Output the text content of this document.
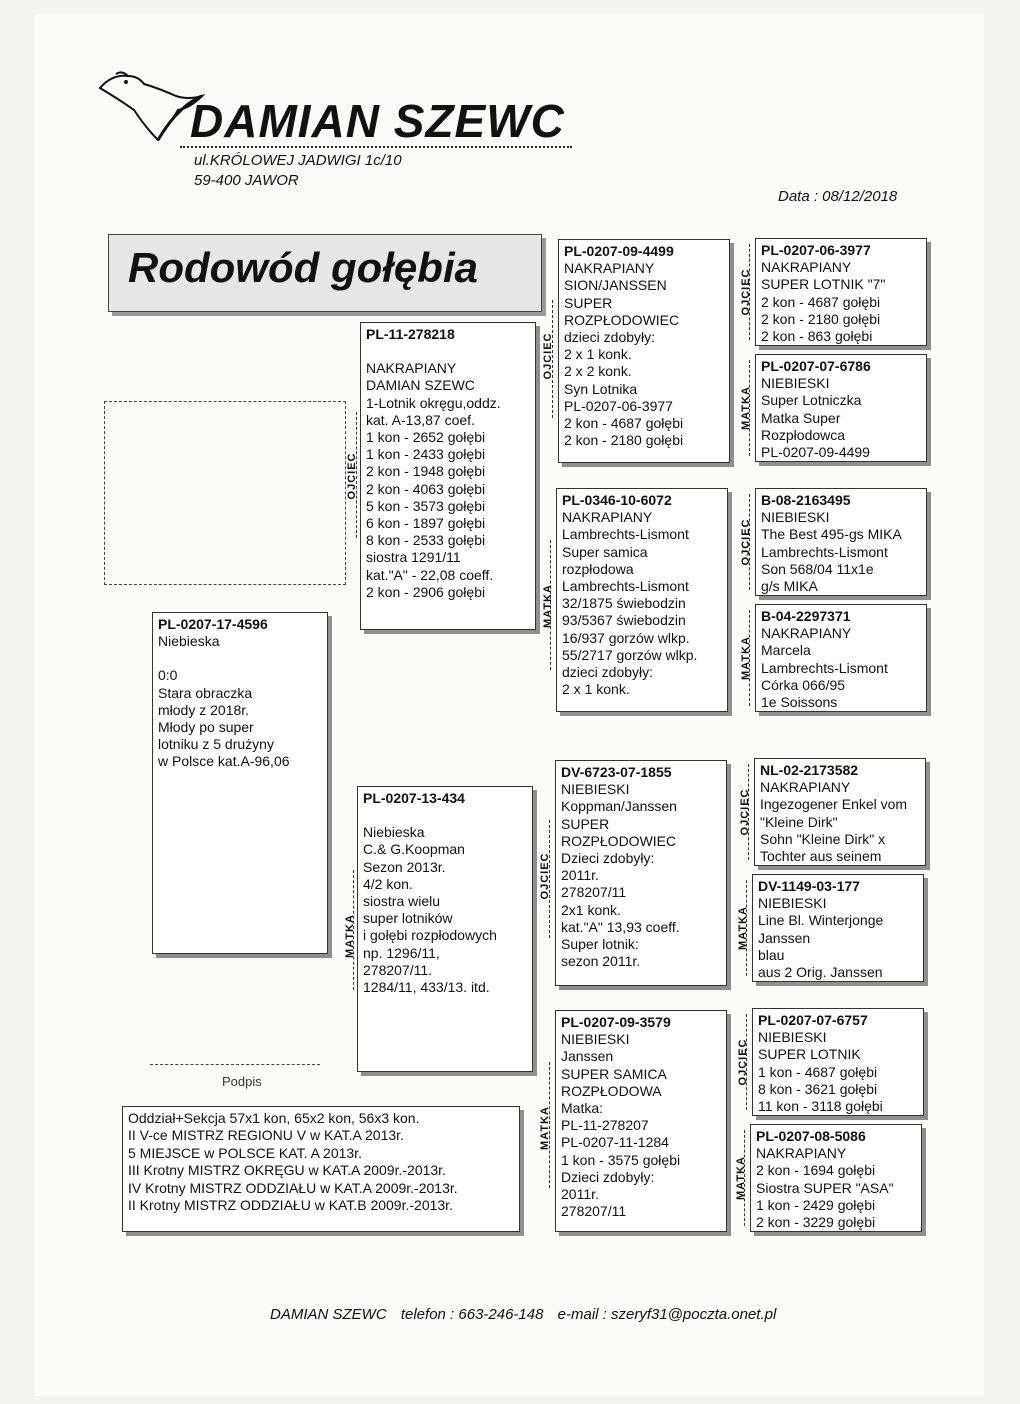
DAMIAN SZEWC
ul.KRÓLOWEJ JADWIGI 1c/10
59-400 JAWOR
Data : 08/12/2018
Rodowód gołębia
PL-0207-17-4596
Niebieska
0:0
Stara obraczka
młody z 2018r.
Młody po super
lotniku z 5 drużyny
w Polsce kat.A-96,06
PL-11-278218
NAKRAPIANY
DAMIAN SZEWC
1-Lotnik okręgu,oddz.
kat. A-13,87 coef.
1 kon - 2652 gołębi
1 kon - 2433 gołębi
2 kon - 1948 gołębi
2 kon - 4063 gołębi
5 kon - 3573 gołębi
6 kon - 1897 gołębi
8 kon - 2533 gołębi
siostra 1291/11
kat."A" - 22,08 coeff.
2 kon - 2906 gołębi
OJCIEC
PL-0207-13-434
Niebieska
C.& G.Koopman
Sezon 2013r.
4/2 kon.
siostra wielu
super lotników
i gołębi rozpłodowych
np. 1296/11,
278207/11.
1284/11, 433/13. itd.
MATKA
PL-0207-09-4499
NAKRAPIANY
SION/JANSSEN
SUPER
ROZPŁODOWIEC
dzieci zdobyły:
2 x 1 konk.
2 x 2 konk.
Syn Lotnika
PL-0207-06-3977
2 kon - 4687 gołębi
2 kon - 2180 gołębi
OJCIEC
PL-0346-10-6072
NAKRAPIANY
Lambrechts-Lismont
Super samica
rozpłodowa
Lambrechts-Lismont
32/1875 świebodzin
93/5367 świebodzin
16/937 gorzów wlkp.
55/2717 gorzów wlkp.
dzieci zdobyły:
2 x 1 konk.
MATKA
DV-6723-07-1855
NIEBIESKI
Koppman/Janssen
SUPER
ROZPŁODOWIEC
Dzieci zdobyły:
2011r.
278207/11
2x1 konk.
kat."A" 13,93 coeff.
Super lotnik:
sezon 2011r.
OJCIEC
PL-0207-09-3579
NIEBIESKI
Janssen
SUPER SAMICA
ROZPŁODOWA
Matka:
PL-11-278207
PL-0207-11-1284
1 kon - 3575 gołębi
Dzieci zdobyły:
2011r.
278207/11
MATKA
PL-0207-06-3977
NAKRAPIANY
SUPER LOTNIK "7"
2 kon - 4687 gołębi
2 kon - 2180 gołębi
2 kon - 863 gołębi
OJCIEC
PL-0207-07-6786
NIEBIESKI
Super Lotniczka
Matka Super
Rozpłodowca
PL-0207-09-4499
MATKA
B-08-2163495
NIEBIESKI
The Best 495-gs MIKA
Lambrechts-Lismont
Son 568/04 11x1e
g/s MIKA
OJCIEC
B-04-2297371
NAKRAPIANY
Marcela
Lambrechts-Lismont
Córka 066/95
1e Soissons
MATKA
NL-02-2173582
NAKRAPIANY
Ingezogener Enkel vom
"Kleine Dirk"
Sohn "Kleine Dirk" x
Tochter aus seinem
OJCIEC
DV-1149-03-177
NIEBIESKI
Line Bl. Winterjonge
Janssen
blau
aus 2 Orig. Janssen
MATKA
PL-0207-07-6757
NIEBIESKI
SUPER LOTNIK
1 kon - 4687 gołębi
8 kon - 3621 gołębi
11 kon - 3118 gołębi
OJCIEC
PL-0207-08-5086
NAKRAPIANY
2 kon - 1694 gołębi
Siostra SUPER "ASA"
1 kon - 2429 gołębi
2 kon - 3229 gołębi
MATKA
Podpis
Oddział+Sekcja 57x1 kon, 65x2 kon, 56x3 kon.
II V-ce MISTRZ REGIONU V w KAT.A 2013r.
5 MIEJSCE w POLSCE KAT. A 2013r.
III Krotny MISTRZ OKRĘGU w KAT.A 2009r.-2013r.
IV Krotny MISTRZ ODDZIAŁU w KAT.A 2009r.-2013r.
II Krotny MISTRZ ODDZIAŁU w KAT.B 2009r.-2013r.
DAMIAN SZEWC telefon : 663-246-148 e-mail : szeryf31@poczta.onet.pl
